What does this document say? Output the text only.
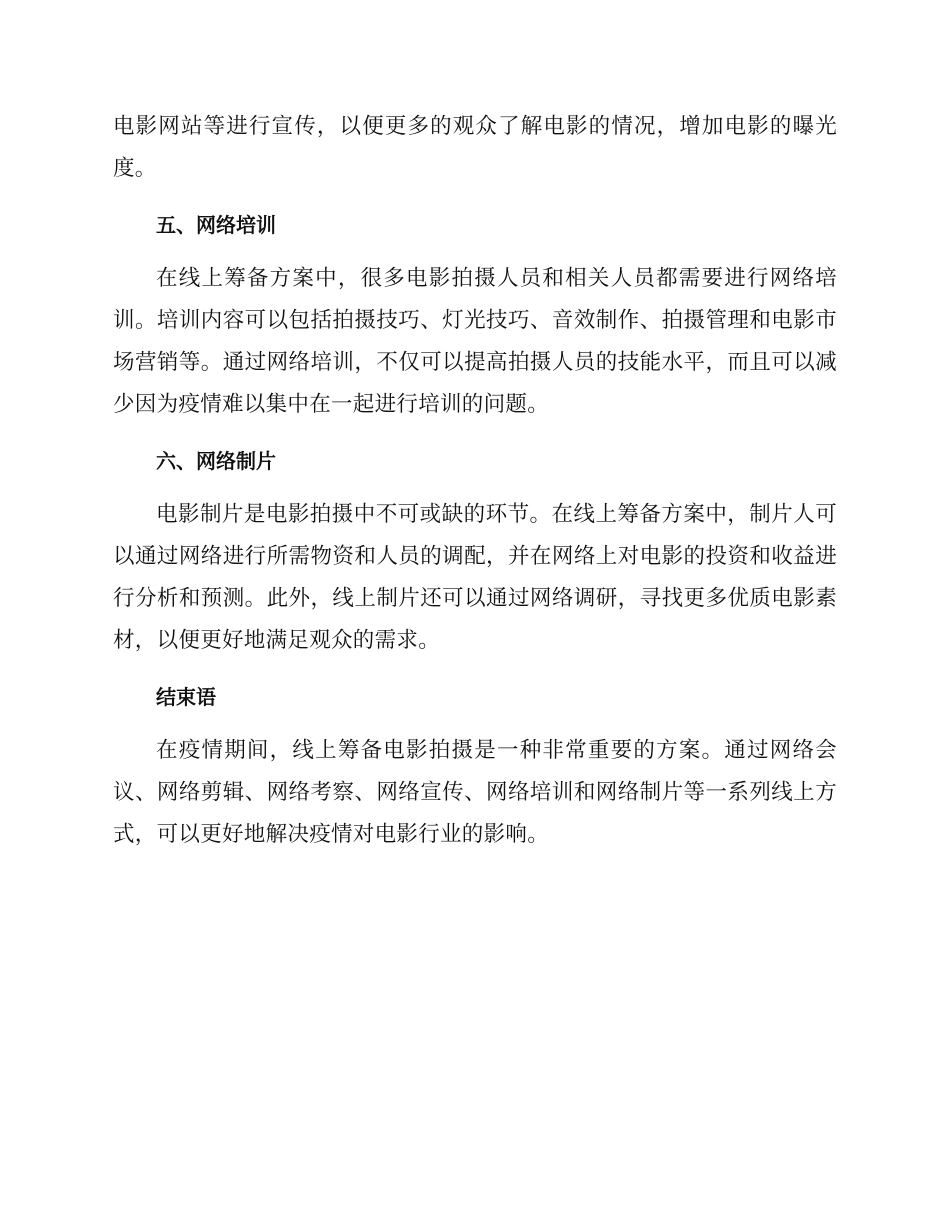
电影网站等进行宣传，以便更多的观众了解电影的情况，增加电影的曝光度。

五、网络培训

在线上筹备方案中，很多电影拍摄人员和相关人员都需要进行网络培训。培训内容可以包括拍摄技巧、灯光技巧、音效制作、拍摄管理和电影市场营销等。通过网络培训，不仅可以提高拍摄人员的技能水平，而且可以减少因为疫情难以集中在一起进行培训的问题。

六、网络制片

电影制片是电影拍摄中不可或缺的环节。在线上筹备方案中，制片人可以通过网络进行所需物资和人员的调配，并在网络上对电影的投资和收益进行分析和预测。此外，线上制片还可以通过网络调研，寻找更多优质电影素材，以便更好地满足观众的需求。

结束语

在疫情期间，线上筹备电影拍摄是一种非常重要的方案。通过网络会议、网络剪辑、网络考察、网络宣传、网络培训和网络制片等一系列线上方式，可以更好地解决疫情对电影行业的影响。
